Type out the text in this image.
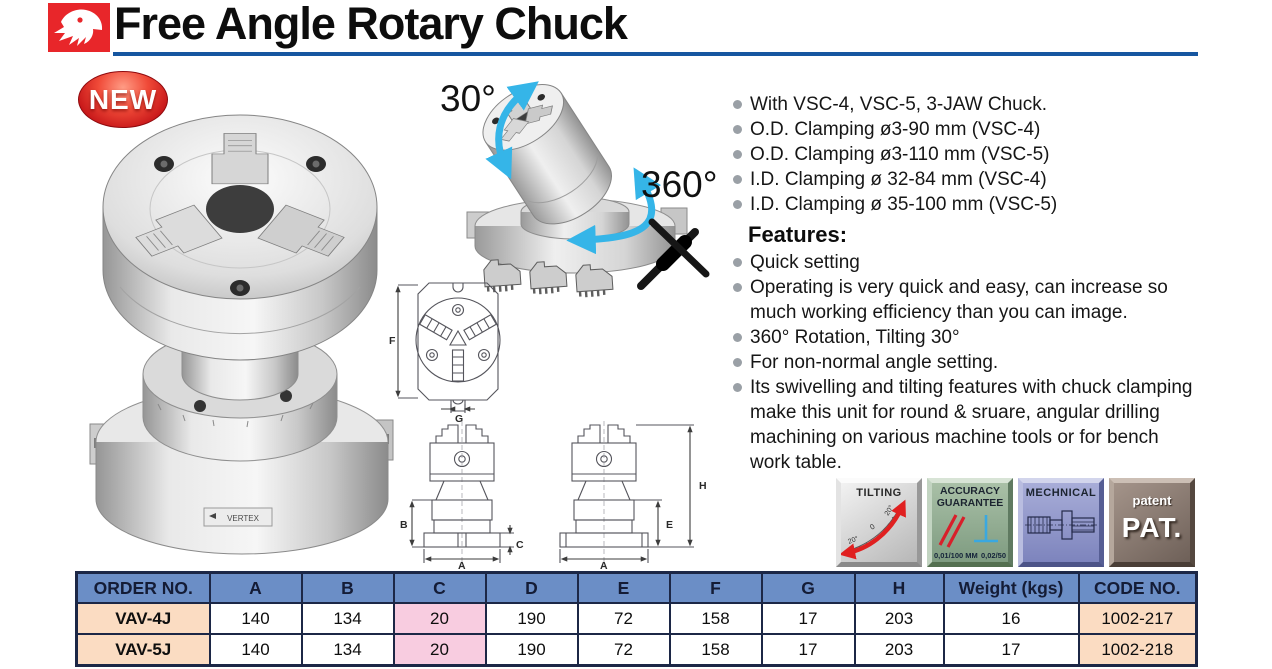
Free Angle Rotary Chuck
NEW
VERTEX
30°
360°
F
G
B
C
A
E
H
A
With VSC-4, VSC-5, 3-JAW Chuck.
O.D. Clamping ø3-90 mm (VSC-4)
O.D. Clamping ø3-110 mm (VSC-5)
I.D. Clamping ø 32-84 mm (VSC-4)
I.D. Clamping ø 35-100 mm (VSC-5)
Features:
Quick setting
Operating is very quick and easy, can increase so much working efficiency than you can image.
360° Rotation, Tilting 30°
For non-normal angle setting.
Its swivelling and tilting features with chuck clamping make this unit for round & sruare, angular drilling machining on various machine tools or for bench work table.
TILTING
20°
0
20°
ACCURACY
GUARANTEE
0,01/100 MM 0,02/50
MECHNICAL	patent
PAT.
ORDER NO.	A	B	C	D	E	F	G	H	Weight (kgs)	CODE NO.
VAV-4J	140	134	20	190	72	158	17	203	16	1002-217
VAV-5J	140	134	20	190	72	158	17	203	17	1002-218
